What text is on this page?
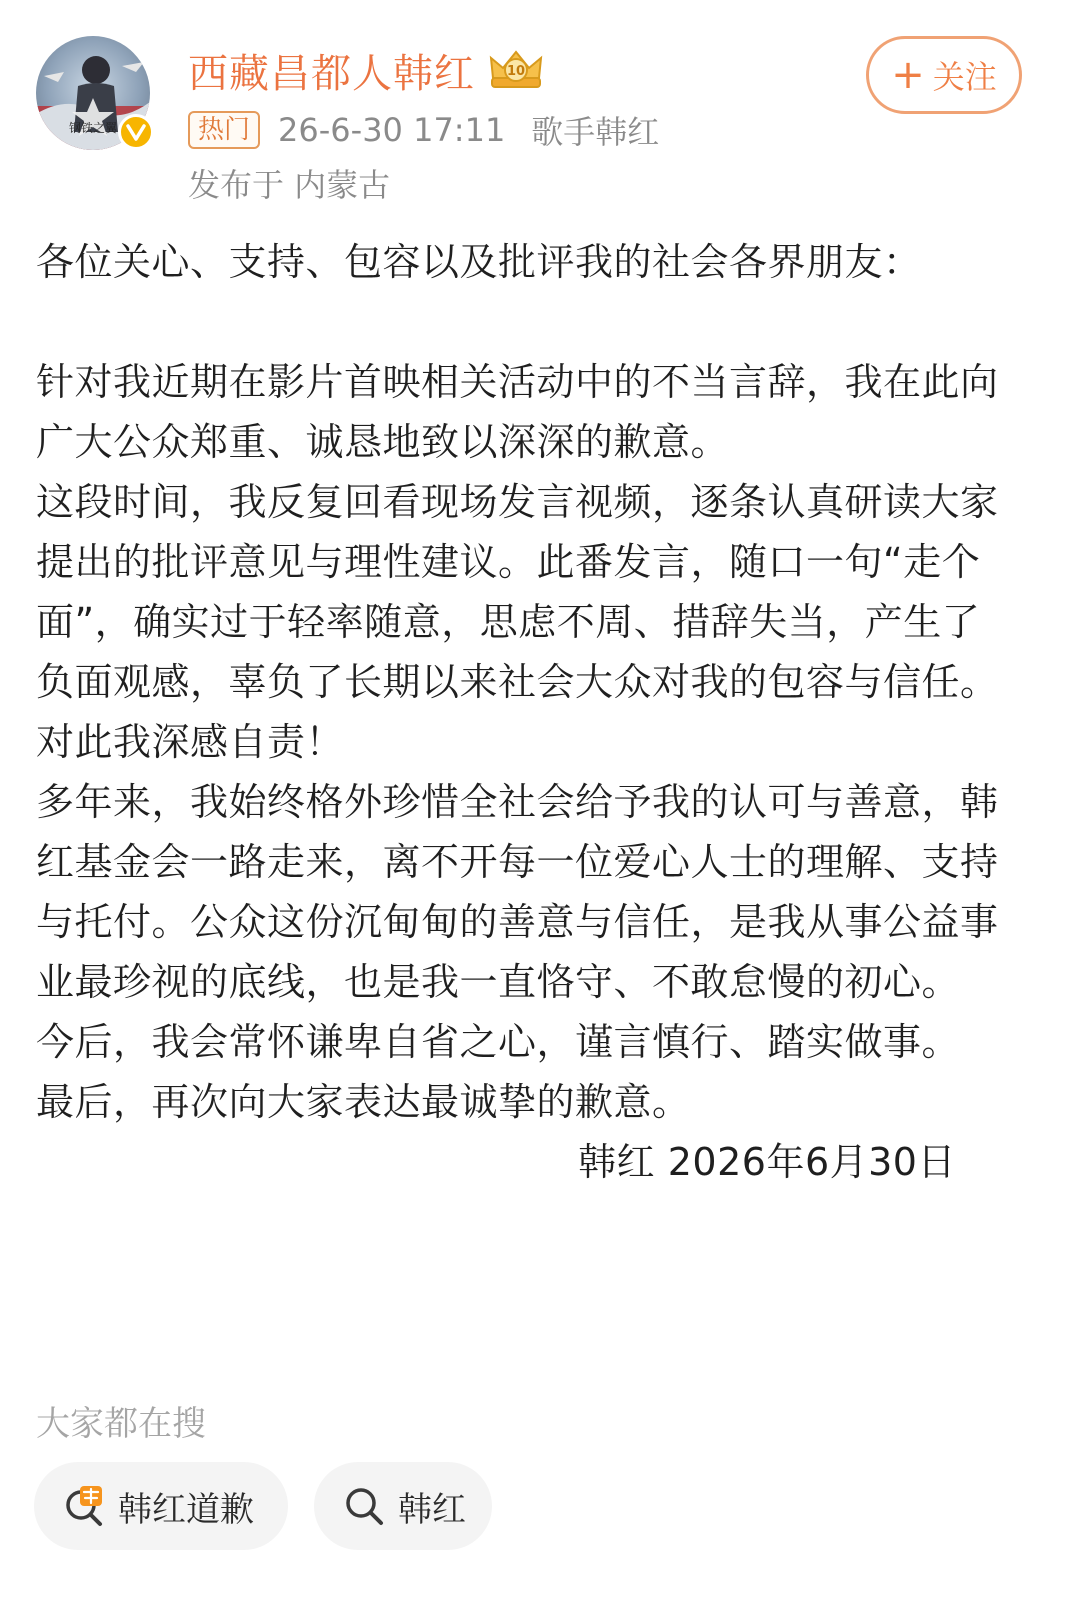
钢铁之翼
西藏昌都人韩红 10
热门 26-6-30 17:11 歌手韩红
发布于 内蒙古
+ 关注
各位关心、支持、包容以及批评我的社会各界朋友：
针对我近期在影片首映相关活动中的不当言辞，我在此向广大公众郑重、诚恳地致以深深的歉意。
这段时间，我反复回看现场发言视频，逐条认真研读大家提出的批评意见与理性建议。此番发言，随口一句“走个面”，确实过于轻率随意，思虑不周、措辞失当，产生了负面观感，辜负了长期以来社会大众对我的包容与信任。对此我深感自责！
多年来，我始终格外珍惜全社会给予我的认可与善意，韩红基金会一路走来，离不开每一位爱心人士的理解、支持与托付。公众这份沉甸甸的善意与信任，是我从事公益事业最珍视的底线，也是我一直恪守、不敢怠慢的初心。
今后，我会常怀谦卑自省之心，谨言慎行、踏实做事。
最后，再次向大家表达最诚挚的歉意。
韩红 2026年6月30日
大家都在搜
韩红道歉	韩红
